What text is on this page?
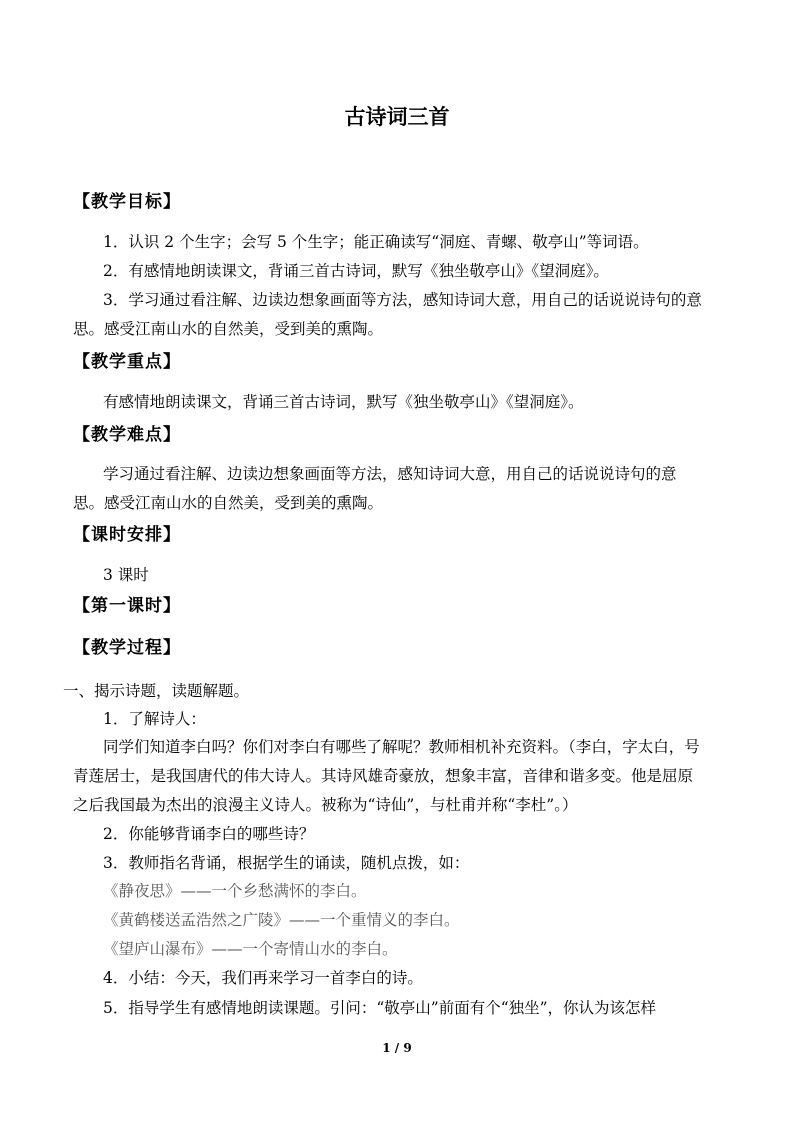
古诗词三首
【教学目标】
1．认识 2 个生字；会写 5 个生字；能正确读写“洞庭、青螺、敬亭山”等词语。
2．有感情地朗读课文，背诵三首古诗词，默写《独坐敬亭山》《望洞庭》。
3．学习通过看注解、边读边想象画面等方法，感知诗词大意，用自己的话说说诗句的意
思。感受江南山水的自然美，受到美的熏陶。
【教学重点】
有感情地朗读课文，背诵三首古诗词，默写《独坐敬亭山》《望洞庭》。
【教学难点】
学习通过看注解、边读边想象画面等方法，感知诗词大意，用自己的话说说诗句的意
思。感受江南山水的自然美，受到美的熏陶。
【课时安排】
3 课时
【第一课时】
【教学过程】
一、揭示诗题，读题解题。
1．了解诗人：
同学们知道李白吗？你们对李白有哪些了解呢？教师相机补充资料。（李白，字太白，号
青莲居士，是我国唐代的伟大诗人。其诗风雄奇豪放，想象丰富，音律和谐多变。他是屈原
之后我国最为杰出的浪漫主义诗人。被称为“诗仙”，与杜甫并称“李杜”。）
2．你能够背诵李白的哪些诗？
3．教师指名背诵，根据学生的诵读，随机点拨，如：
《静夜思》——一个乡愁满怀的李白。
《黄鹤楼送孟浩然之广陵》——一个重情义的李白。
《望庐山瀑布》——一个寄情山水的李白。
4．小结：今天，我们再来学习一首李白的诗。
5．指导学生有感情地朗读课题。引问：“敬亭山”前面有个“独坐”，你认为该怎样
1 / 9
